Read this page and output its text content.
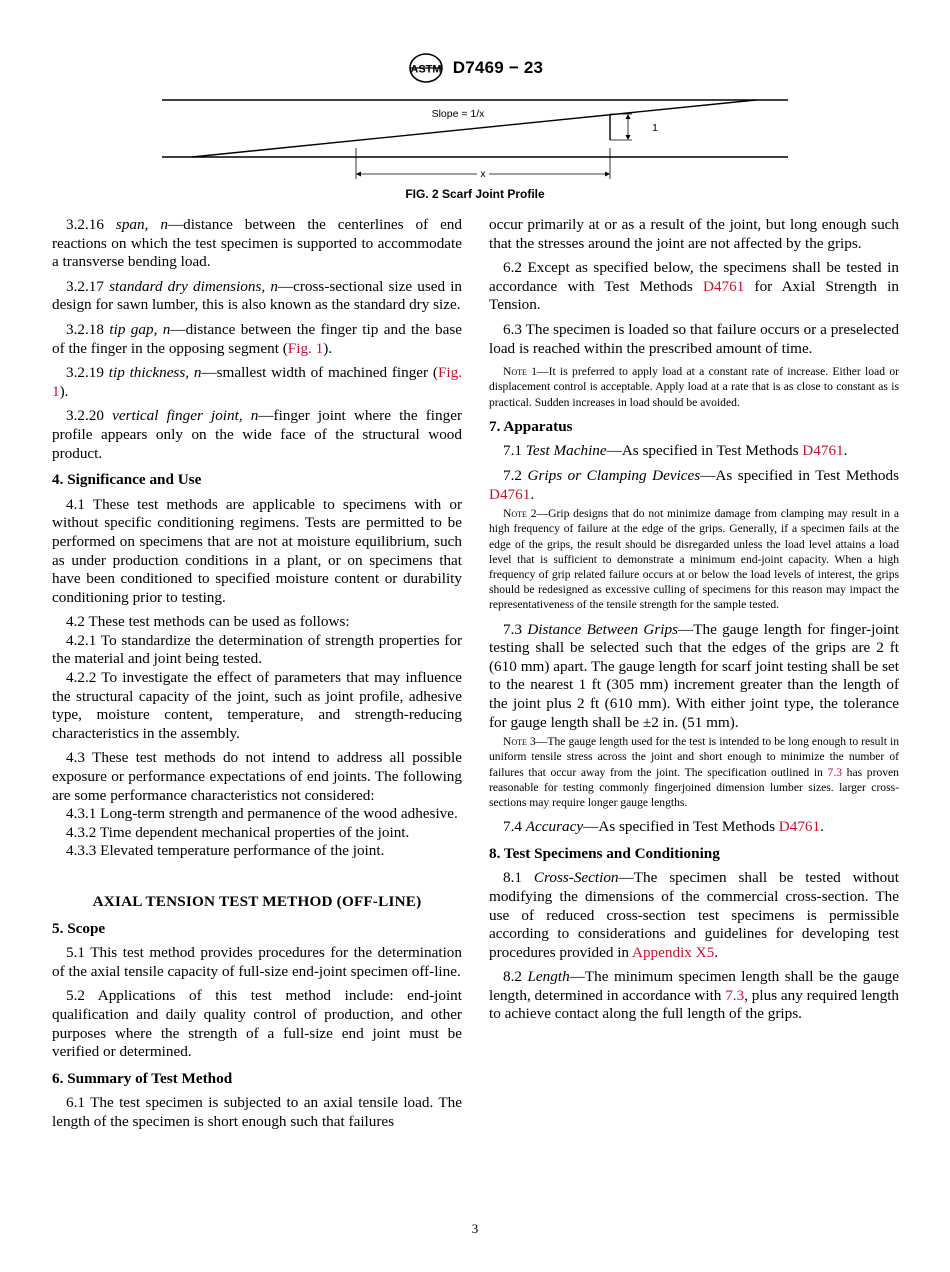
ASTM D7469 − 23
Slope = 1/x
1
x
FIG. 2 Scarf Joint Profile

3.2.16 span, n—distance between the centerlines of end reactions on which the test specimen is supported to accommodate a transverse bending load.

3.2.17 standard dry dimensions, n—cross-sectional size used in design for sawn lumber, this is also known as the standard dry size.

3.2.18 tip gap, n—distance between the finger tip and the base of the finger in the opposing segment (Fig. 1).

3.2.19 tip thickness, n—smallest width of machined finger (Fig. 1).

3.2.20 vertical finger joint, n—finger joint where the finger profile appears only on the wide face of the structural wood product.

4. Significance and Use

4.1 These test methods are applicable to specimens with or without specific conditioning regimens. Tests are permitted to be performed on specimens that are not at moisture equilibrium, such as under production conditions in a plant, or on specimens that have been conditioned to specified moisture content or durability conditioning prior to testing.

4.2 These test methods can be used as follows:

4.2.1 To standardize the determination of strength properties for the material and joint being tested.

4.2.2 To investigate the effect of parameters that may influence the structural capacity of the joint, such as joint profile, adhesive type, moisture content, temperature, and strength-reducing characteristics in the assembly.

4.3 These test methods do not intend to address all possible exposure or performance expectations of end joints. The following are some performance characteristics not considered:

4.3.1 Long-term strength and permanence of the wood adhesive.

4.3.2 Time dependent mechanical properties of the joint.

4.3.3 Elevated temperature performance of the joint.

AXIAL TENSION TEST METHOD (OFF-LINE)
5. Scope

5.1 This test method provides procedures for the determination of the axial tensile capacity of full-size end-joint specimen off-line.

5.2 Applications of this test method include: end-joint qualification and daily quality control of production, and other purposes where the strength of a full-size end joint must be verified or determined.

6. Summary of Test Method

6.1 The test specimen is subjected to an axial tensile load. The length of the specimen is short enough such that failures

occur primarily at or as a result of the joint, but long enough such that the stresses around the joint are not affected by the grips.

6.2 Except as specified below, the specimens shall be tested in accordance with Test Methods D4761 for Axial Strength in Tension.

6.3 The specimen is loaded so that failure occurs or a preselected load is reached within the prescribed amount of time.

Note 1—It is preferred to apply load at a constant rate of increase. Either load or displacement control is acceptable. Apply load at a rate that is as close to constant as is practical. Sudden increases in load should be avoided.

7. Apparatus

7.1 Test Machine—As specified in Test Methods D4761.

7.2 Grips or Clamping Devices—As specified in Test Methods D4761.

Note 2—Grip designs that do not minimize damage from clamping may result in a high frequency of failure at the edge of the grips. Generally, if a specimen fails at the edge of the grips, the result should be disregarded unless the load level attains a load level that is sufficient to demonstrate a minimum end-joint capacity. When a high frequency of grip related failure occurs at or below the load levels of interest, the grips should be redesigned as excessive culling of specimens for this reason may impact the representativeness of the tensile strength for the sample tested.

7.3 Distance Between Grips—The gauge length for finger-joint testing shall be selected such that the edges of the grips are 2 ft (610 mm) apart. The gauge length for scarf joint testing shall be set to the nearest 1 ft (305 mm) increment greater than the length of the joint plus 2 ft (610 mm). With either joint type, the tolerance for gauge length shall be ±2 in. (51 mm).

Note 3—The gauge length used for the test is intended to be long enough to result in uniform tensile stress across the joint and short enough to minimize the number of failures that occur away from the joint. The specification outlined in 7.3 has proven reasonable for testing commonly fingerjoined dimension lumber sizes. larger cross-sections may require longer gauge lengths.

7.4 Accuracy—As specified in Test Methods D4761.

8. Test Specimens and Conditioning

8.1 Cross-Section—The specimen shall be tested without modifying the dimensions of the commercial cross-section. The use of reduced cross-section test specimens is permissible according to considerations and guidelines for developing test procedures provided in Appendix X5.

8.2 Length—The minimum specimen length shall be the gauge length, determined in accordance with 7.3, plus any required length to achieve contact along the full length of the grips.

3
